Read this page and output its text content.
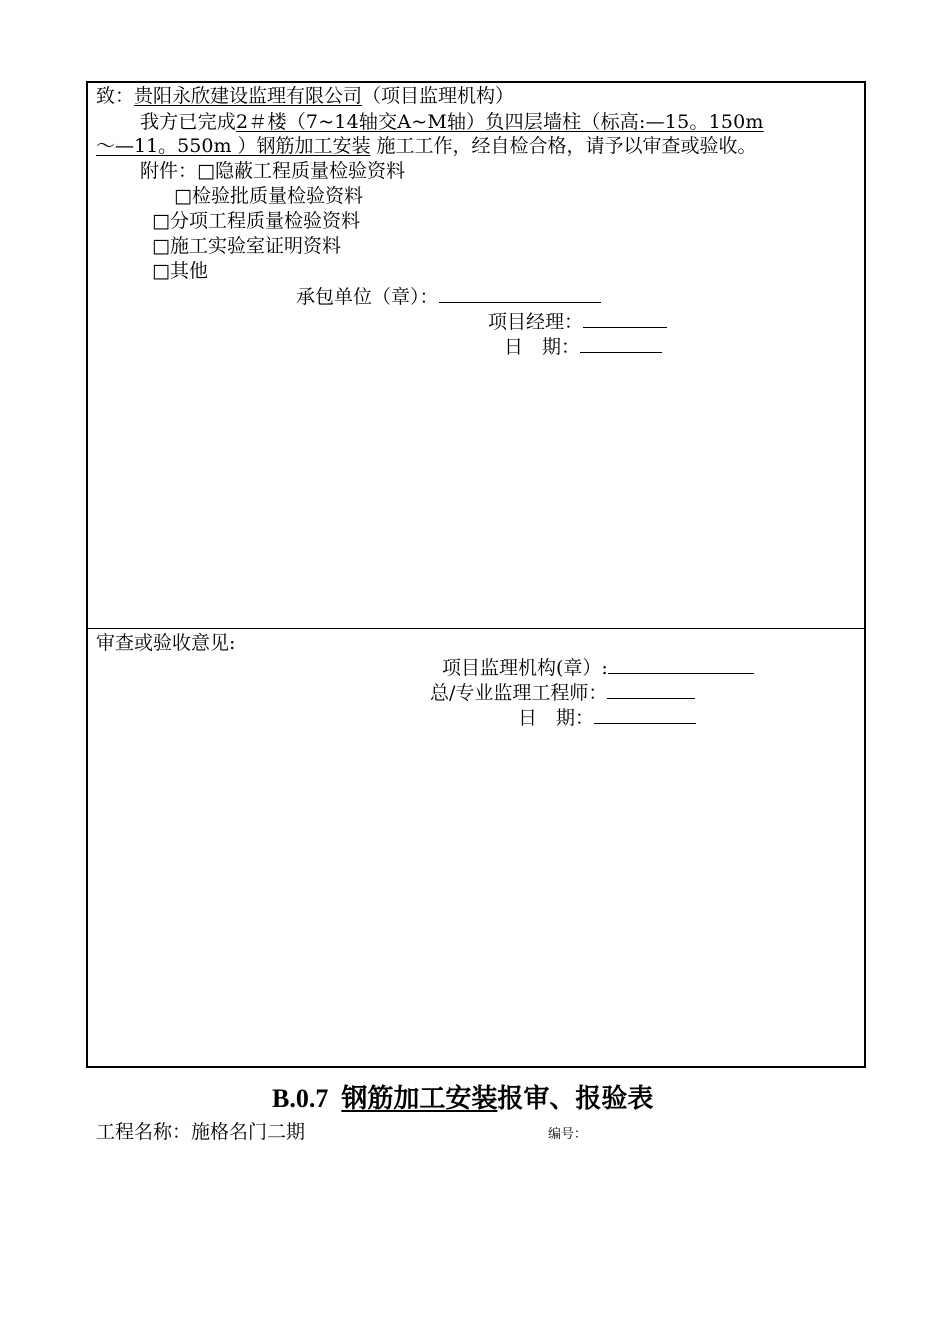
致：贵阳永欣建设监理有限公司（项目监理机构）
我方已完成2＃楼（7~14轴交A~M轴）负四层墙柱（标高:—15。150m
～—11。550m ）钢筋加工安装 施工工作，经自检合格，请予以审查或验收。
附件：□隐蔽工程质量检验资料
□检验批质量检验资料
□分项工程质量检验资料
□施工实验室证明资料
□其他
承包单位（章）：
项目经理：
日　期：
审查或验收意见:
项目监理机构(章）:
总/专业监理工程师：
日　期：
B.0.7 钢筋加工安装报审、报验表
工程名称：施格名门二期	编号：
